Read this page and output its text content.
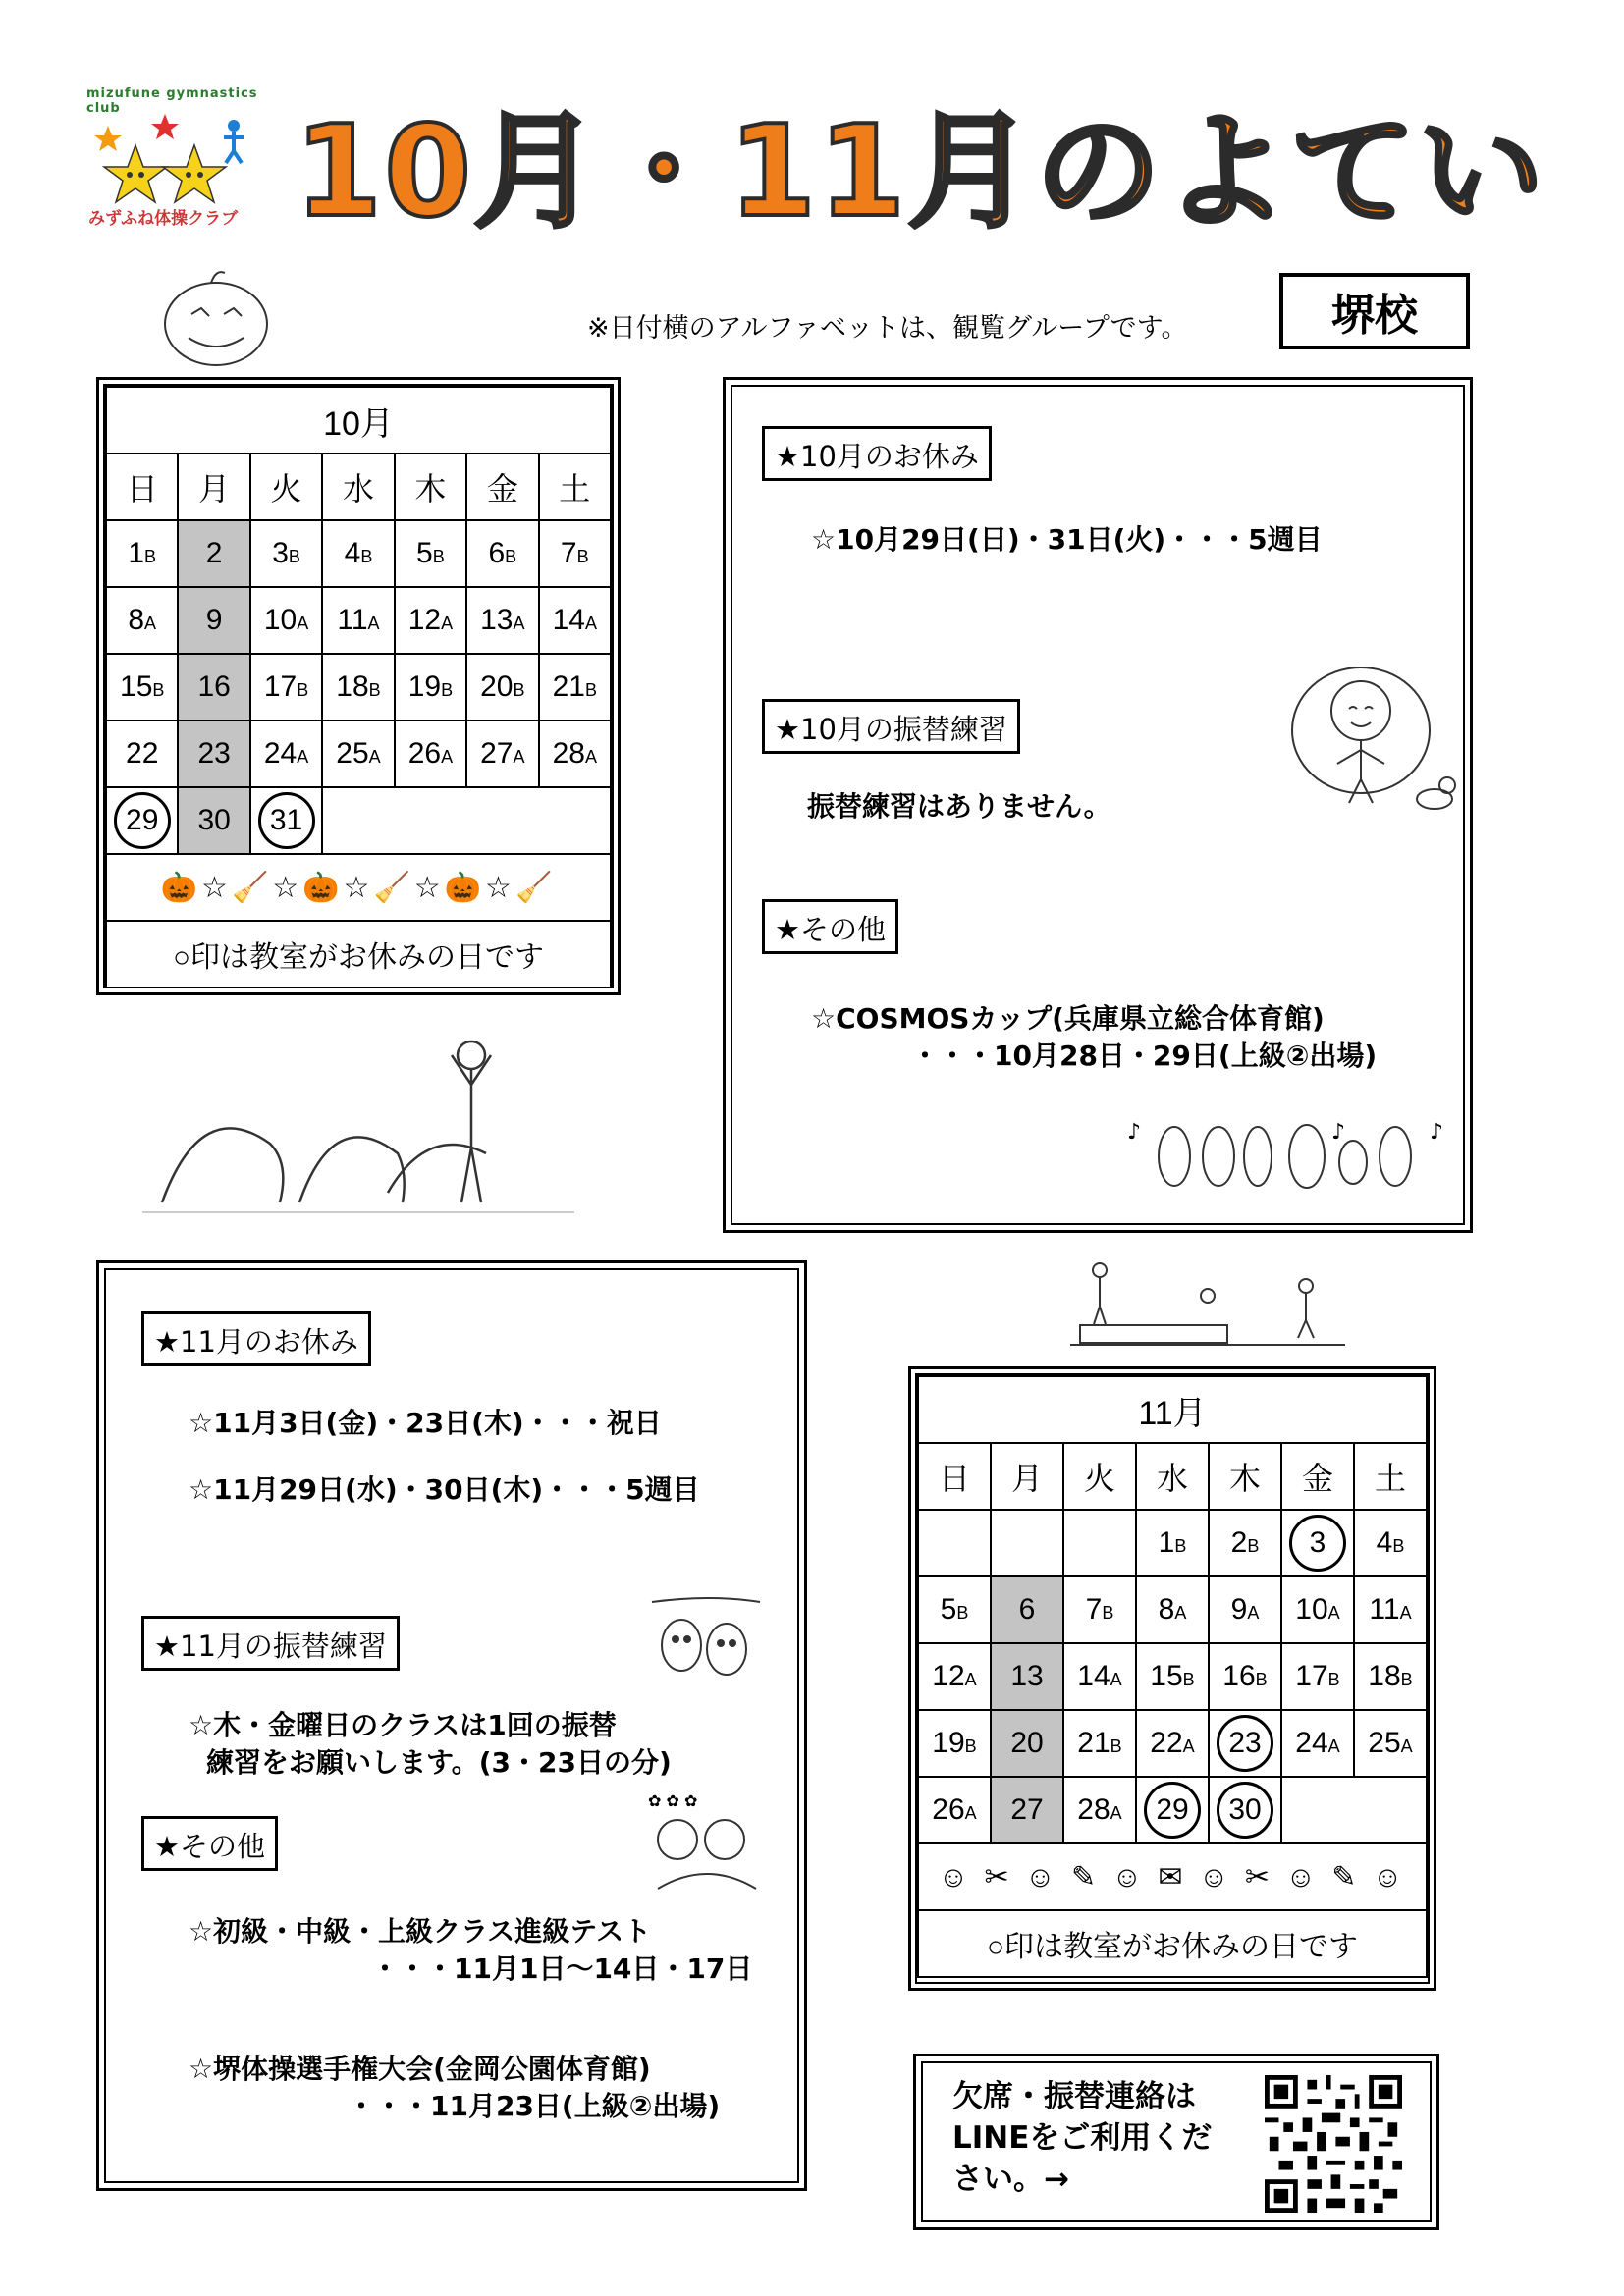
mizufune gymnastics club
みずふね体操クラブ 10月・11月のよてい
※日付横のアルファベットは、観覧グループです。	堺校
10月						
日	月	火	水	木	金	土
1B	2	3B	4B	5B	6B	7B
8A	9	10A	11A	12A	13A	14A
15B	16	17B	18B	19B	20B	21B
22	23	24A	25A	26A	27A	28A
29	30	31				
🎃☆🧹☆🎃☆🧹☆🎃☆🧹						
○印は教室がお休みの日です						
★10月のお休み
☆10月29日(日)・31日(火)・・・5週目
★10月の振替練習
振替練習はありません。
★その他
☆COSMOSカップ(兵庫県立総合体育館)
・・・10月28日・29日(上級②出場)
♪	♪	♪
★11月のお休み
☆11月3日(金)・23日(木)・・・祝日
☆11月29日(水)・30日(木)・・・5週目
★11月の振替練習
☆木・金曜日のクラスは1回の振替
練習をお願いします。(3・23日の分)
★その他
☆初級・中級・上級クラス進級テスト
・・・11月1日～14日・17日
☆堺体操選手権大会(金岡公園体育館)
・・・11月23日(上級②出場)
✿ ✿ ✿
11月						
日	月	火	水	木	金	土
			1B	2B	3	4B
5B	6	7B	8A	9A	10A	11A
12A	13	14A	15B	16B	17B	18B
19B	20	21B	22A	23	24A	25A
26A	27	28A	29	30		
☺ ✂ ☺ ✎ ☺ ✉ ☺ ✂ ☺ ✎ ☺						
○印は教室がお休みの日です						
欠席・振替連絡は
LINEをご利用くだ
さい。→
